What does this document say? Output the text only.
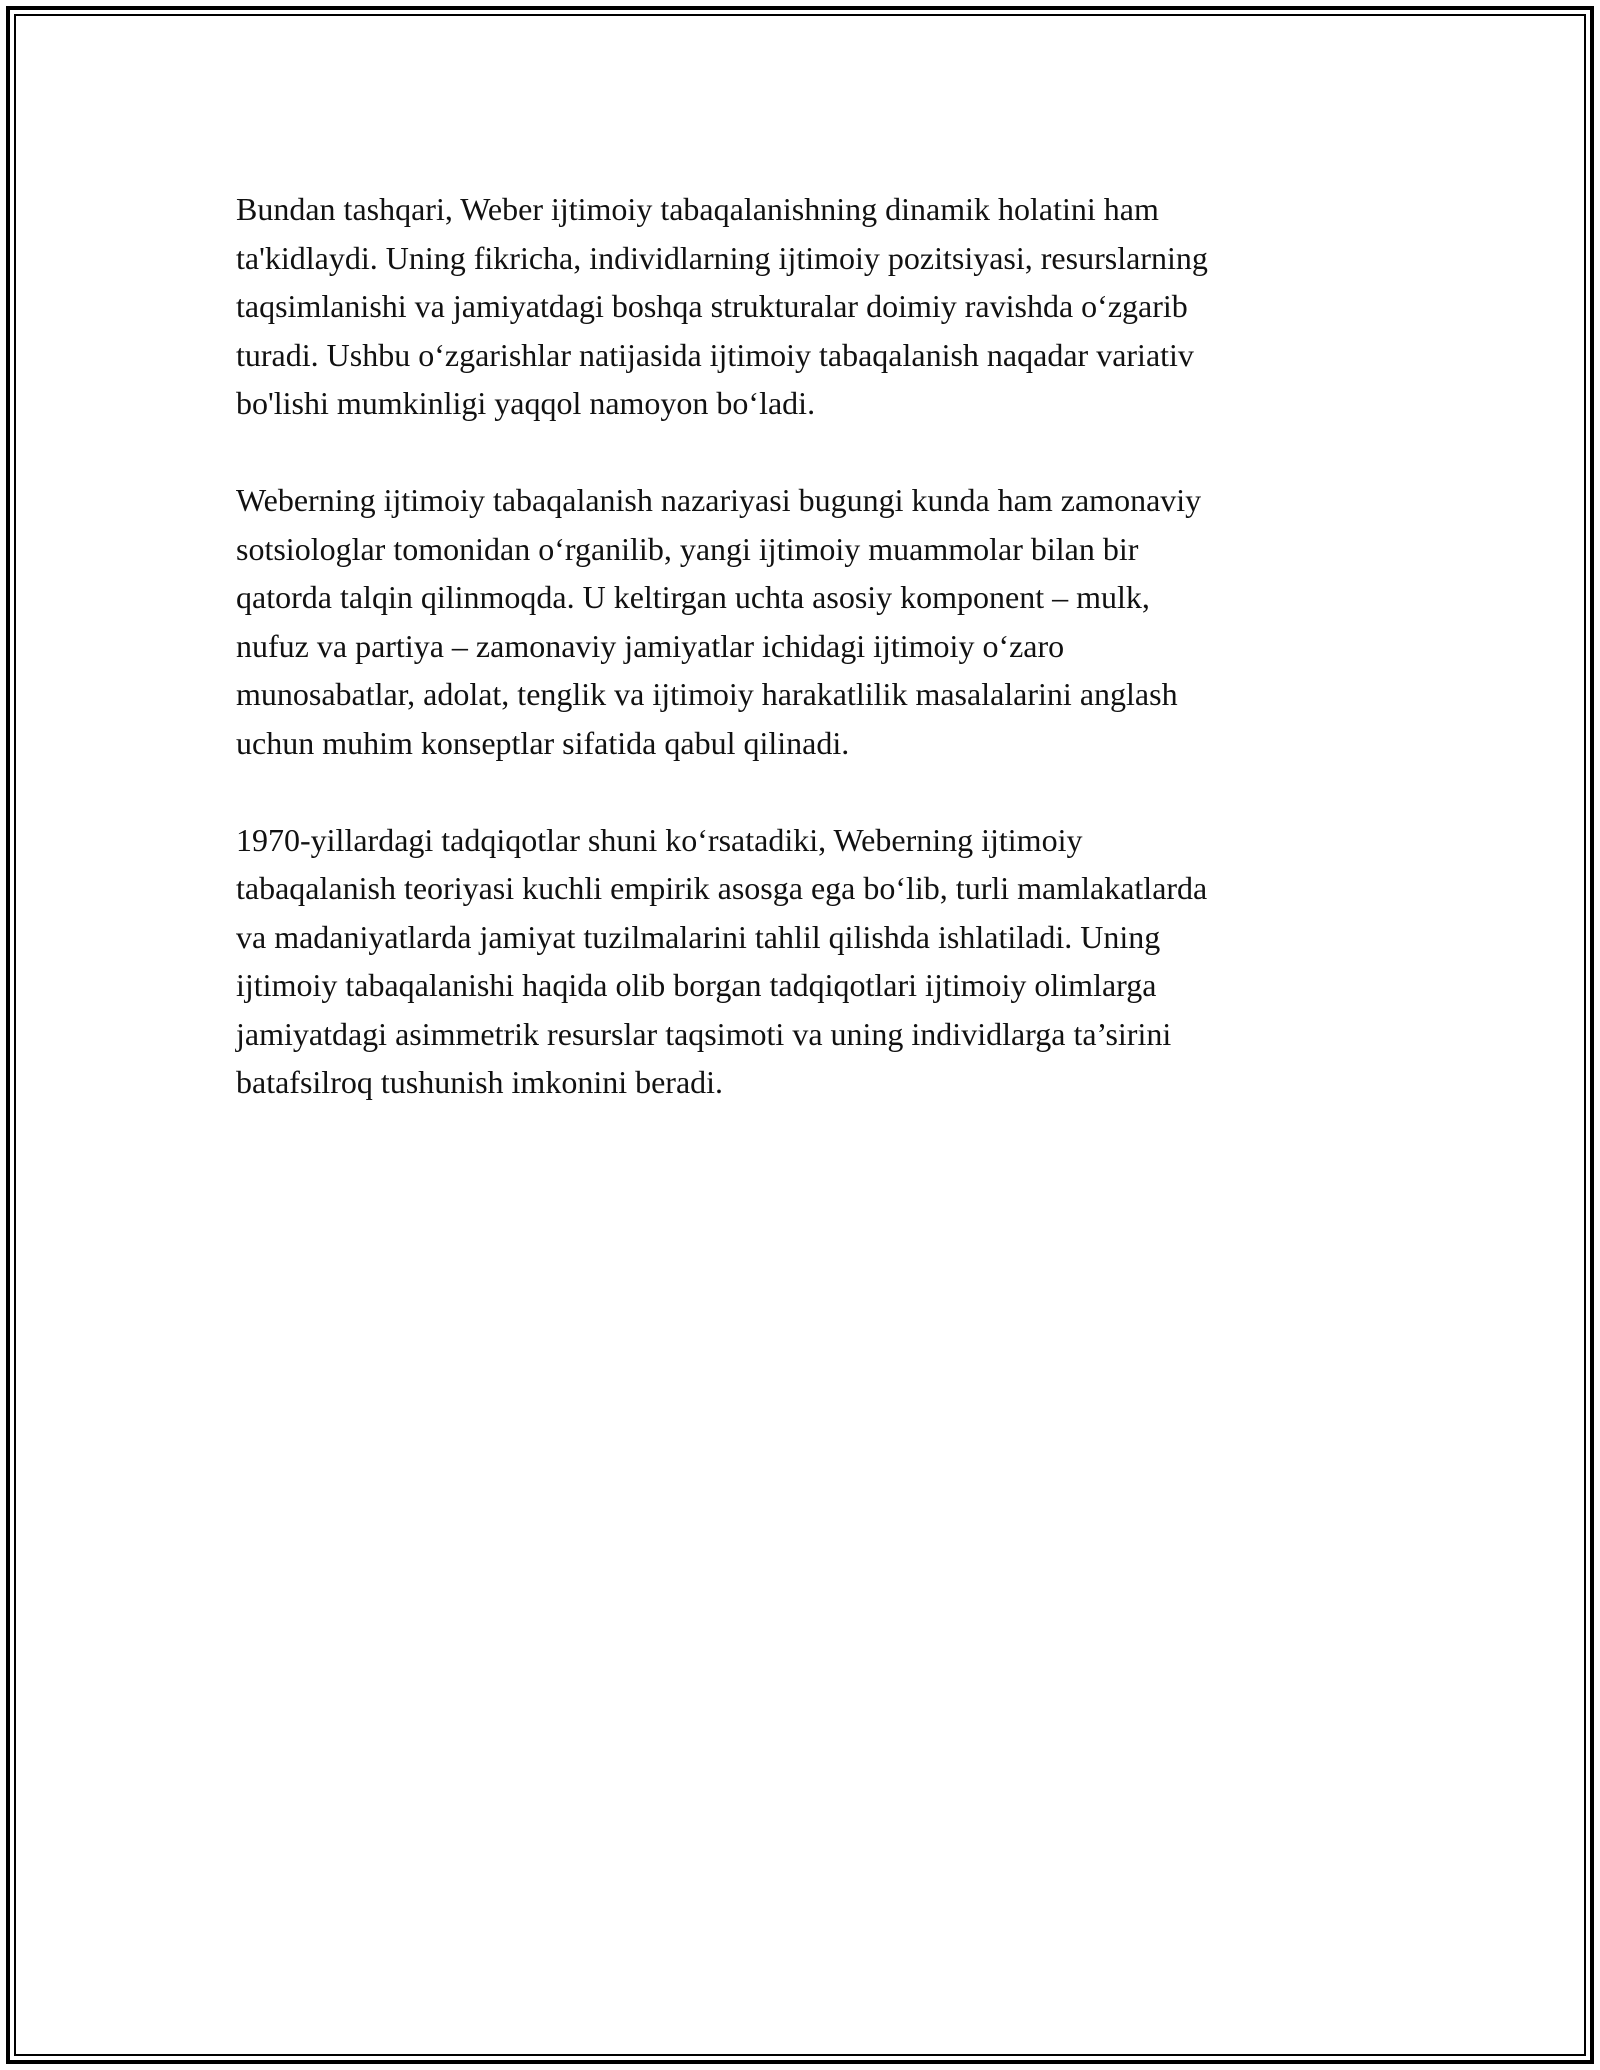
Bundan tashqari, Weber ijtimoiy tabaqalanishning dinamik holatini ham
ta'kidlaydi. Uning fikricha, individlarning ijtimoiy pozitsiyasi, resurslarning
taqsimlanishi va jamiyatdagi boshqa strukturalar doimiy ravishda o‘zgarib
turadi. Ushbu o‘zgarishlar natijasida ijtimoiy tabaqalanish naqadar variativ
bo'lishi mumkinligi yaqqol namoyon bo‘ladi.

Weberning ijtimoiy tabaqalanish nazariyasi bugungi kunda ham zamonaviy
sotsiologlar tomonidan o‘rganilib, yangi ijtimoiy muammolar bilan bir
qatorda talqin qilinmoqda. U keltirgan uchta asosiy komponent – mulk,
nufuz va partiya – zamonaviy jamiyatlar ichidagi ijtimoiy o‘zaro
munosabatlar, adolat, tenglik va ijtimoiy harakatlilik masalalarini anglash
uchun muhim konseptlar sifatida qabul qilinadi.

1970-yillardagi tadqiqotlar shuni ko‘rsatadiki, Weberning ijtimoiy
tabaqalanish teoriyasi kuchli empirik asosga ega bo‘lib, turli mamlakatlarda
va madaniyatlarda jamiyat tuzilmalarini tahlil qilishda ishlatiladi. Uning
ijtimoiy tabaqalanishi haqida olib borgan tadqiqotlari ijtimoiy olimlarga
jamiyatdagi asimmetrik resurslar taqsimoti va uning individlarga ta’sirini
batafsilroq tushunish imkonini beradi.
